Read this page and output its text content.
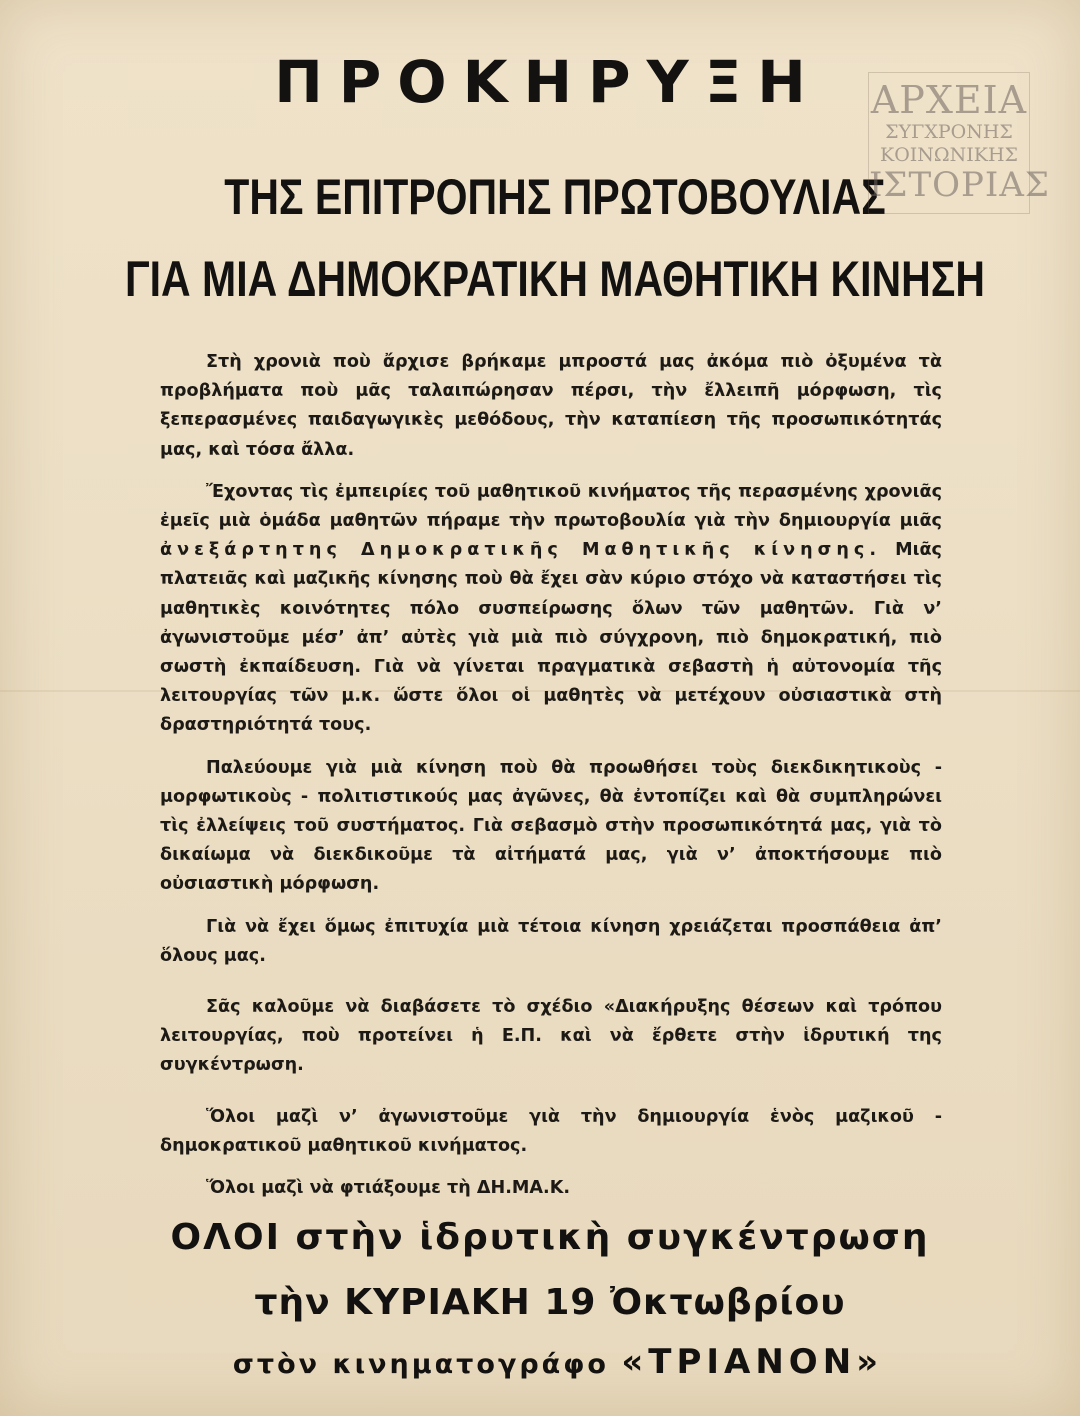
ΠΡΟΚΗΡΥΞΗ
ΤΗΣ ΕΠΙΤΡΟΠΗΣ ΠΡΩΤΟΒΟΥΛΙΑΣ
ΓΙΑ ΜΙΑ ΔΗΜΟΚΡΑΤΙΚΗ ΜΑΘΗΤΙΚΗ ΚΙΝΗΣΗ
ΑΡΧΕΙΑ
ΣΥΓΧΡΟΝΗΣ
ΚΟΙΝΩΝΙΚΗΣ
ΙΣΤΟΡΙΑΣ

Στὴ χρονιὰ ποὺ ἄρχισε βρήκαμε μπροστά μας ἀκόμα πιὸ ὀξυμένα τὰ προβλήματα ποὺ μᾶς ταλαιπώρησαν πέρσι, τὴν ἔλλειπῆ μόρφωση, τὶς ξεπερασμένες παιδαγωγικὲς μεθόδους, τὴν καταπίεση τῆς προσωπικότητάς μας, καὶ τόσα ἄλλα.

Ἔχοντας τὶς ἐμπειρίες τοῦ μαθητικοῦ κινήματος τῆς περασμένης χρονιᾶς ἐμεῖς μιὰ ὁμάδα μαθητῶν πήραμε τὴν πρωτοβουλία γιὰ τὴν δημιουργία μιᾶς ἀνεξάρτητης Δημοκρατικῆς Μαθητικῆς κίνησης. Μιᾶς πλατειᾶς καὶ μαζικῆς κίνησης ποὺ θὰ ἔχει σὰν κύριο στόχο νὰ καταστήσει τὶς μαθητικὲς κοινότητες πόλο συσπείρωσης ὅλων τῶν μαθητῶν. Γιὰ ν’ ἀγωνιστοῦμε μέσ’ ἀπ’ αὐτὲς γιὰ μιὰ πιὸ σύγχρονη, πιὸ δημοκρατική, πιὸ σωστὴ ἐκπαίδευση. Γιὰ νὰ γίνεται πραγματικὰ σεβαστὴ ἡ αὐτονομία τῆς λειτουργίας τῶν μ.κ. ὥστε ὅλοι οἱ μαθητὲς νὰ μετέχουν οὐσιαστικὰ στὴ δραστηριότητά τους.

Παλεύουμε γιὰ μιὰ κίνηση ποὺ θὰ προωθήσει τοὺς διεκδικητικοὺς - μορφωτικοὺς - πολιτιστικούς μας ἀγῶνες, θὰ ἐντοπίζει καὶ θὰ συμπληρώνει τὶς ἐλλείψεις τοῦ συστήματος. Γιὰ σεβασμὸ στὴν προσωπικότητά μας, γιὰ τὸ δικαίωμα νὰ διεκδικοῦμε τὰ αἰτήματά μας, γιὰ ν’ ἀποκτήσουμε πιὸ οὐσιαστικὴ μόρφωση.

Γιὰ νὰ ἔχει ὅμως ἐπιτυχία μιὰ τέτοια κίνηση χρειάζεται προσπάθεια ἀπ’ ὅλους μας.

Σᾶς καλοῦμε νὰ διαβάσετε τὸ σχέδιο «Διακήρυξης θέσεων καὶ τρόπου λειτουργίας, ποὺ προτείνει ἡ Ε.Π. καὶ νὰ ἔρθετε στὴν ἱδρυτική της συγκέντρωση.

Ὅλοι μαζὶ ν’ ἀγωνιστοῦμε γιὰ τὴν δημιουργία ἑνὸς μαζικοῦ - δημοκρατικοῦ μαθητικοῦ κινήματος.

Ὅλοι μαζὶ νὰ φτιάξουμε τὴ ΔΗ.ΜΑ.Κ.

ΟΛΟΙ στὴν ἱδρυτικὴ συγκέντρωση
τὴν ΚΥΡΙΑΚΗ 19 Ὀκτωβρίου
στὸν κινηματογράφο «ΤΡΙΑΝΟΝ»
